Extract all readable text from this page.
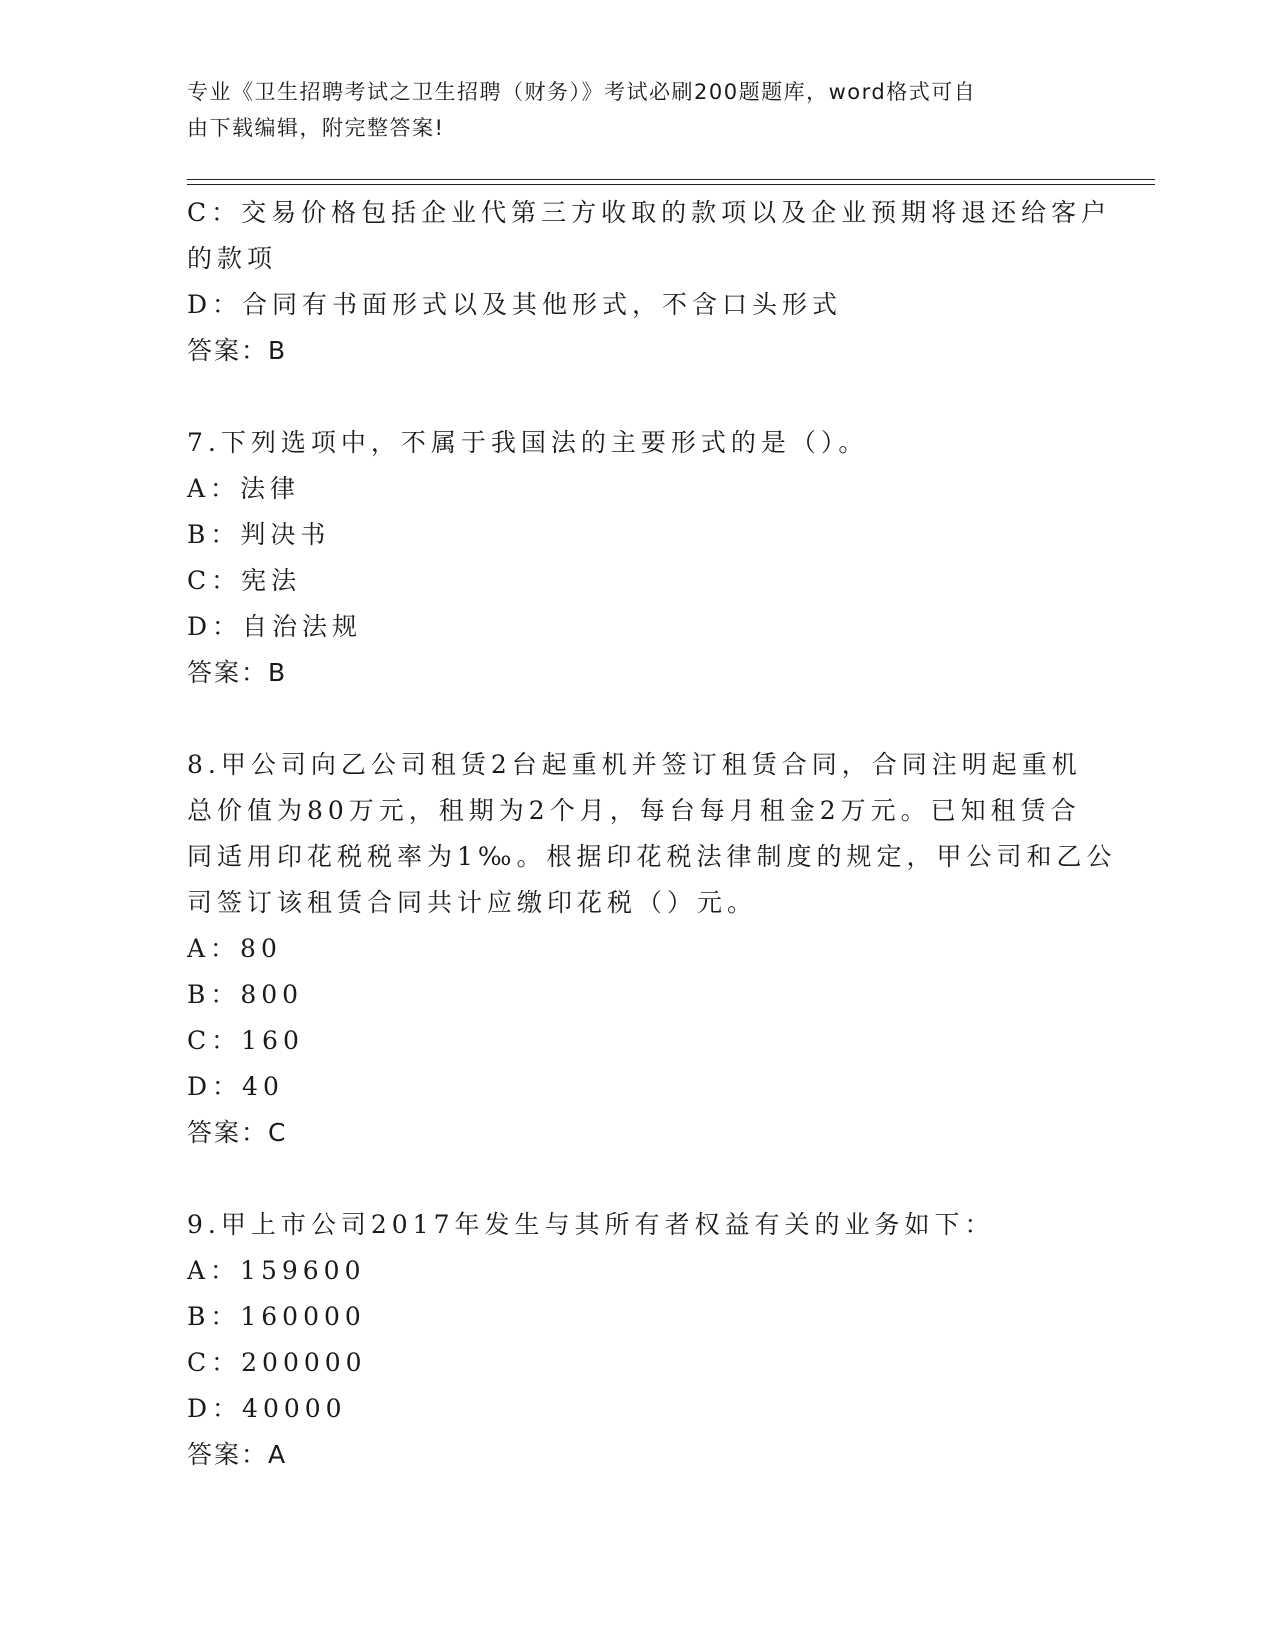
专业《卫生招聘考试之卫生招聘（财务）》考试必刷200题题库，word格式可自
由下载编辑，附完整答案!
C：交易价格包括企业代第三方收取的款项以及企业预期将退还给客户
的款项
D：合同有书面形式以及其他形式，不含口头形式
答案：B
7.下列选项中，不属于我国法的主要形式的是（）。
A：法律
B：判决书
C：宪法
D：自治法规
答案：B
8.甲公司向乙公司租赁2台起重机并签订租赁合同，合同注明起重机
总价值为80万元，租期为2个月，每台每月租金2万元。已知租赁合
同适用印花税税率为1‰。根据印花税法律制度的规定，甲公司和乙公
司签订该租赁合同共计应缴印花税（）元。
A：80
B：800
C：160
D：40
答案：C
9.甲上市公司2017年发生与其所有者权益有关的业务如下：
A：159600
B：160000
C：200000
D：40000
答案：A
